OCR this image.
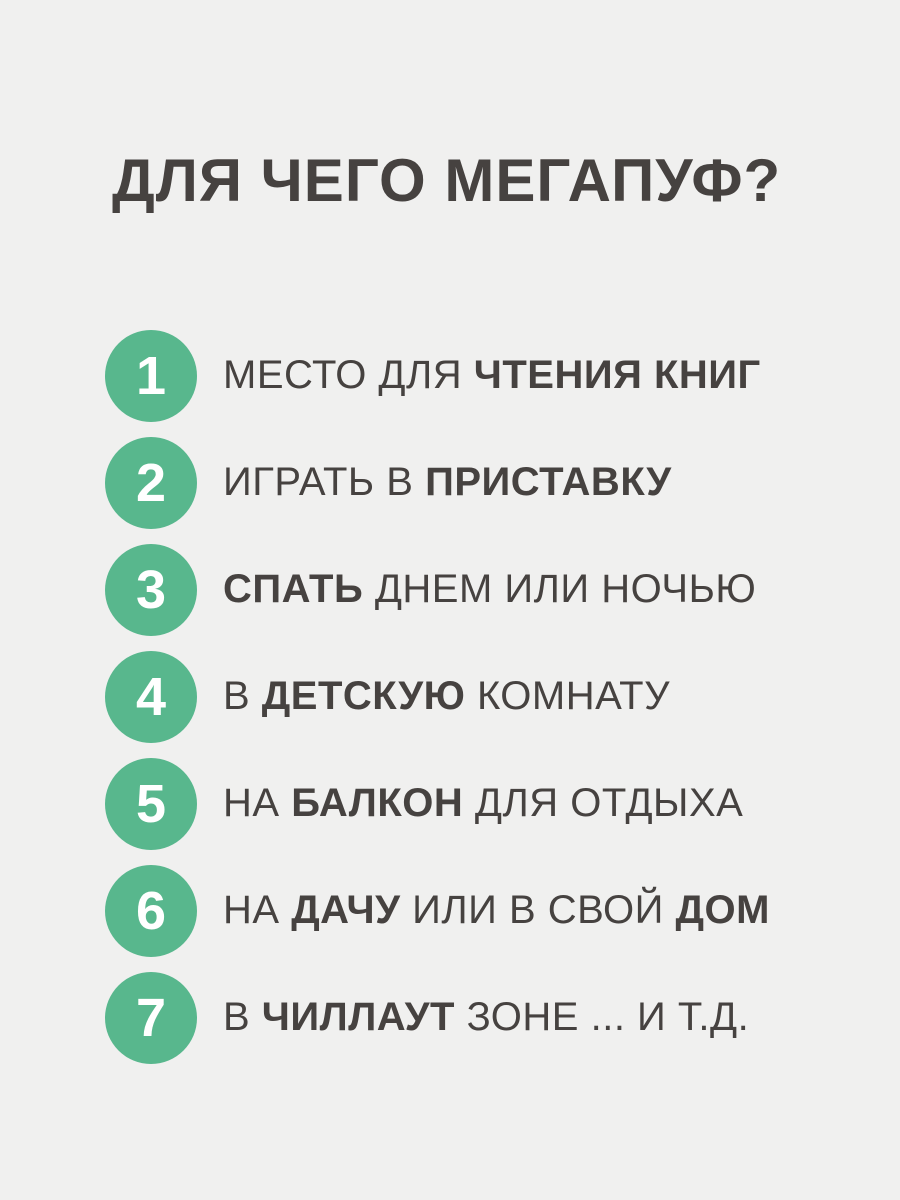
ДЛЯ ЧЕГО МЕГАПУФ?
1	МЕСТО ДЛЯ ЧТЕНИЯ КНИГ
2	ИГРАТЬ В ПРИСТАВКУ
3	СПАТЬ ДНЕМ ИЛИ НОЧЬЮ
4	В ДЕТСКУЮ КОМНАТУ
5	НА БАЛКОН ДЛЯ ОТДЫХА
6	НА ДАЧУ ИЛИ В СВОЙ ДОМ
7	В ЧИЛЛАУТ ЗОНЕ ... И Т.Д.
